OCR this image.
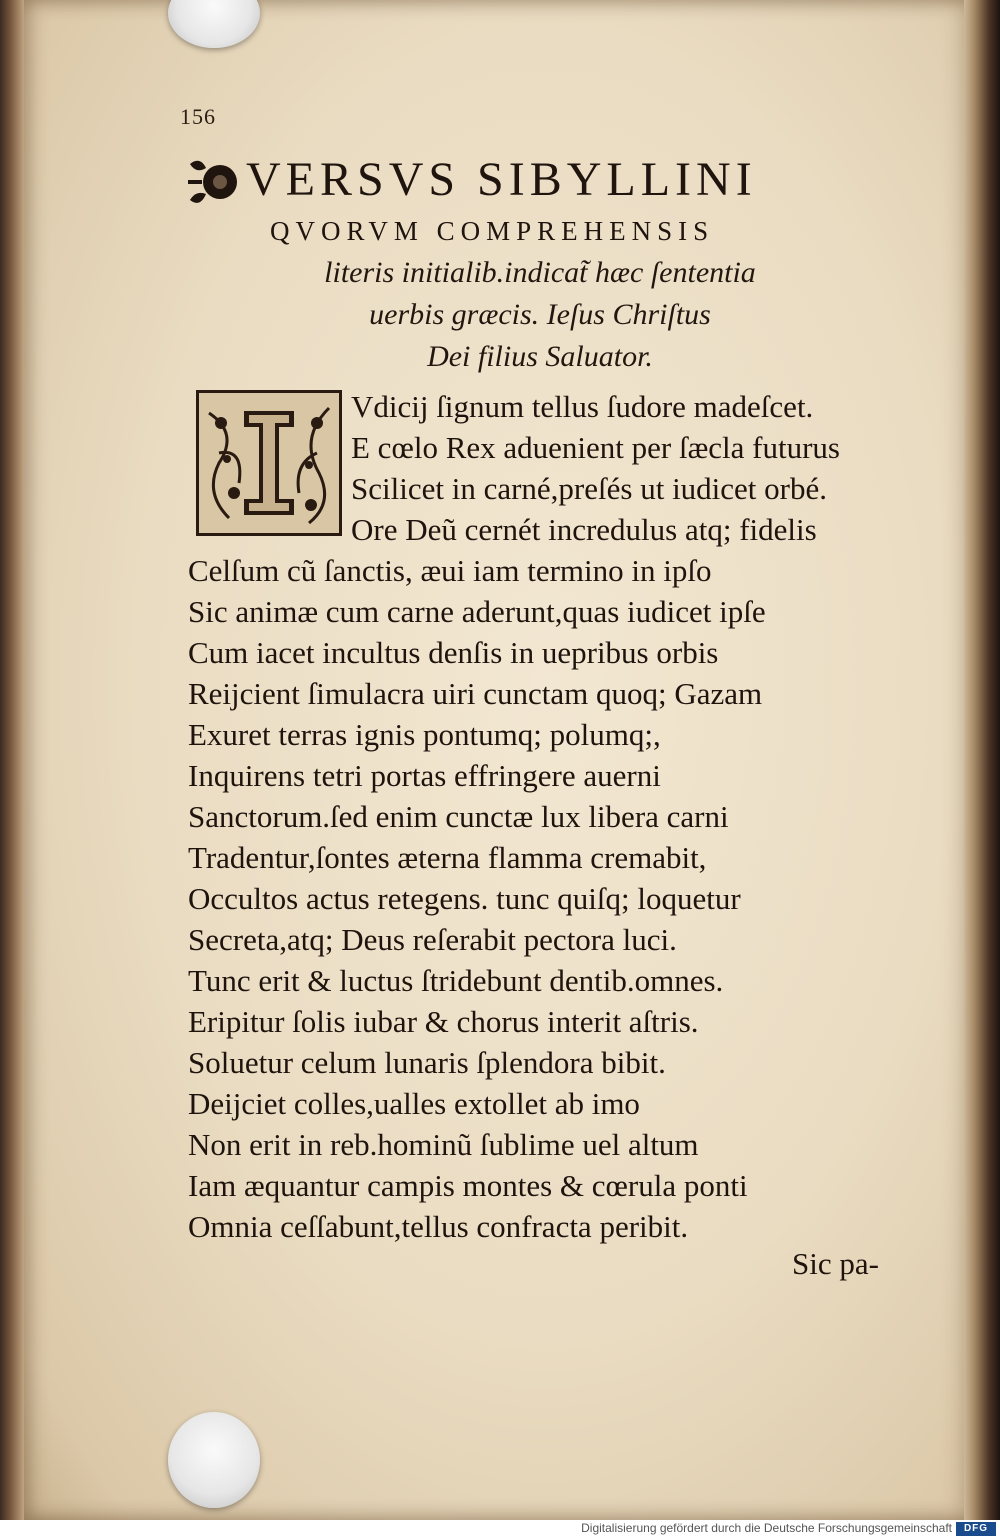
156
VERSVS SIBYLLINI
QVORVM COMPREHENSIS
literis initialib.indicat̃ hæc ſententia
uerbis græcis. Ieſus Chriſtus
Dei filius Saluator.
Vdicij ſignum tellus ſudore madeſcet.
E cœlo Rex aduenient per ſæcla futurus
Scilicet in carné,preſés ut iudicet orbé.
Ore Deũ cernét incredulus atq; fidelis
Celſum cũ ſanctis, æui iam termino in ipſo
Sic animæ cum carne aderunt,quas iudicet ipſe
Cum iacet incultus denſis in uepribus orbis
Reijcient ſimulacra uiri cunctam quoq; Gazam
Exuret terras ignis pontumq; polumq;,
Inquirens tetri portas effringere auerni
Sanctorum.ſed enim cunctæ lux libera carni
Tradentur,ſontes æterna flamma cremabit,
Occultos actus retegens. tunc quiſq; loquetur
Secreta,atq; Deus reſerabit pectora luci.
Tunc erit & luctus ſtridebunt dentib.omnes.
Eripitur ſolis iubar & chorus interit aſtris.
Soluetur celum lunaris ſplendora bibit.
Deijciet colles,ualles extollet ab imo
Non erit in reb.hominũ ſublime uel altum
Iam æquantur campis montes & cœrula ponti
Omnia ceſſabunt,tellus confracta peribit.
Sic pa-
Digitalisierung gefördert durch die Deutsche Forschungsgemeinschaft	DFG
